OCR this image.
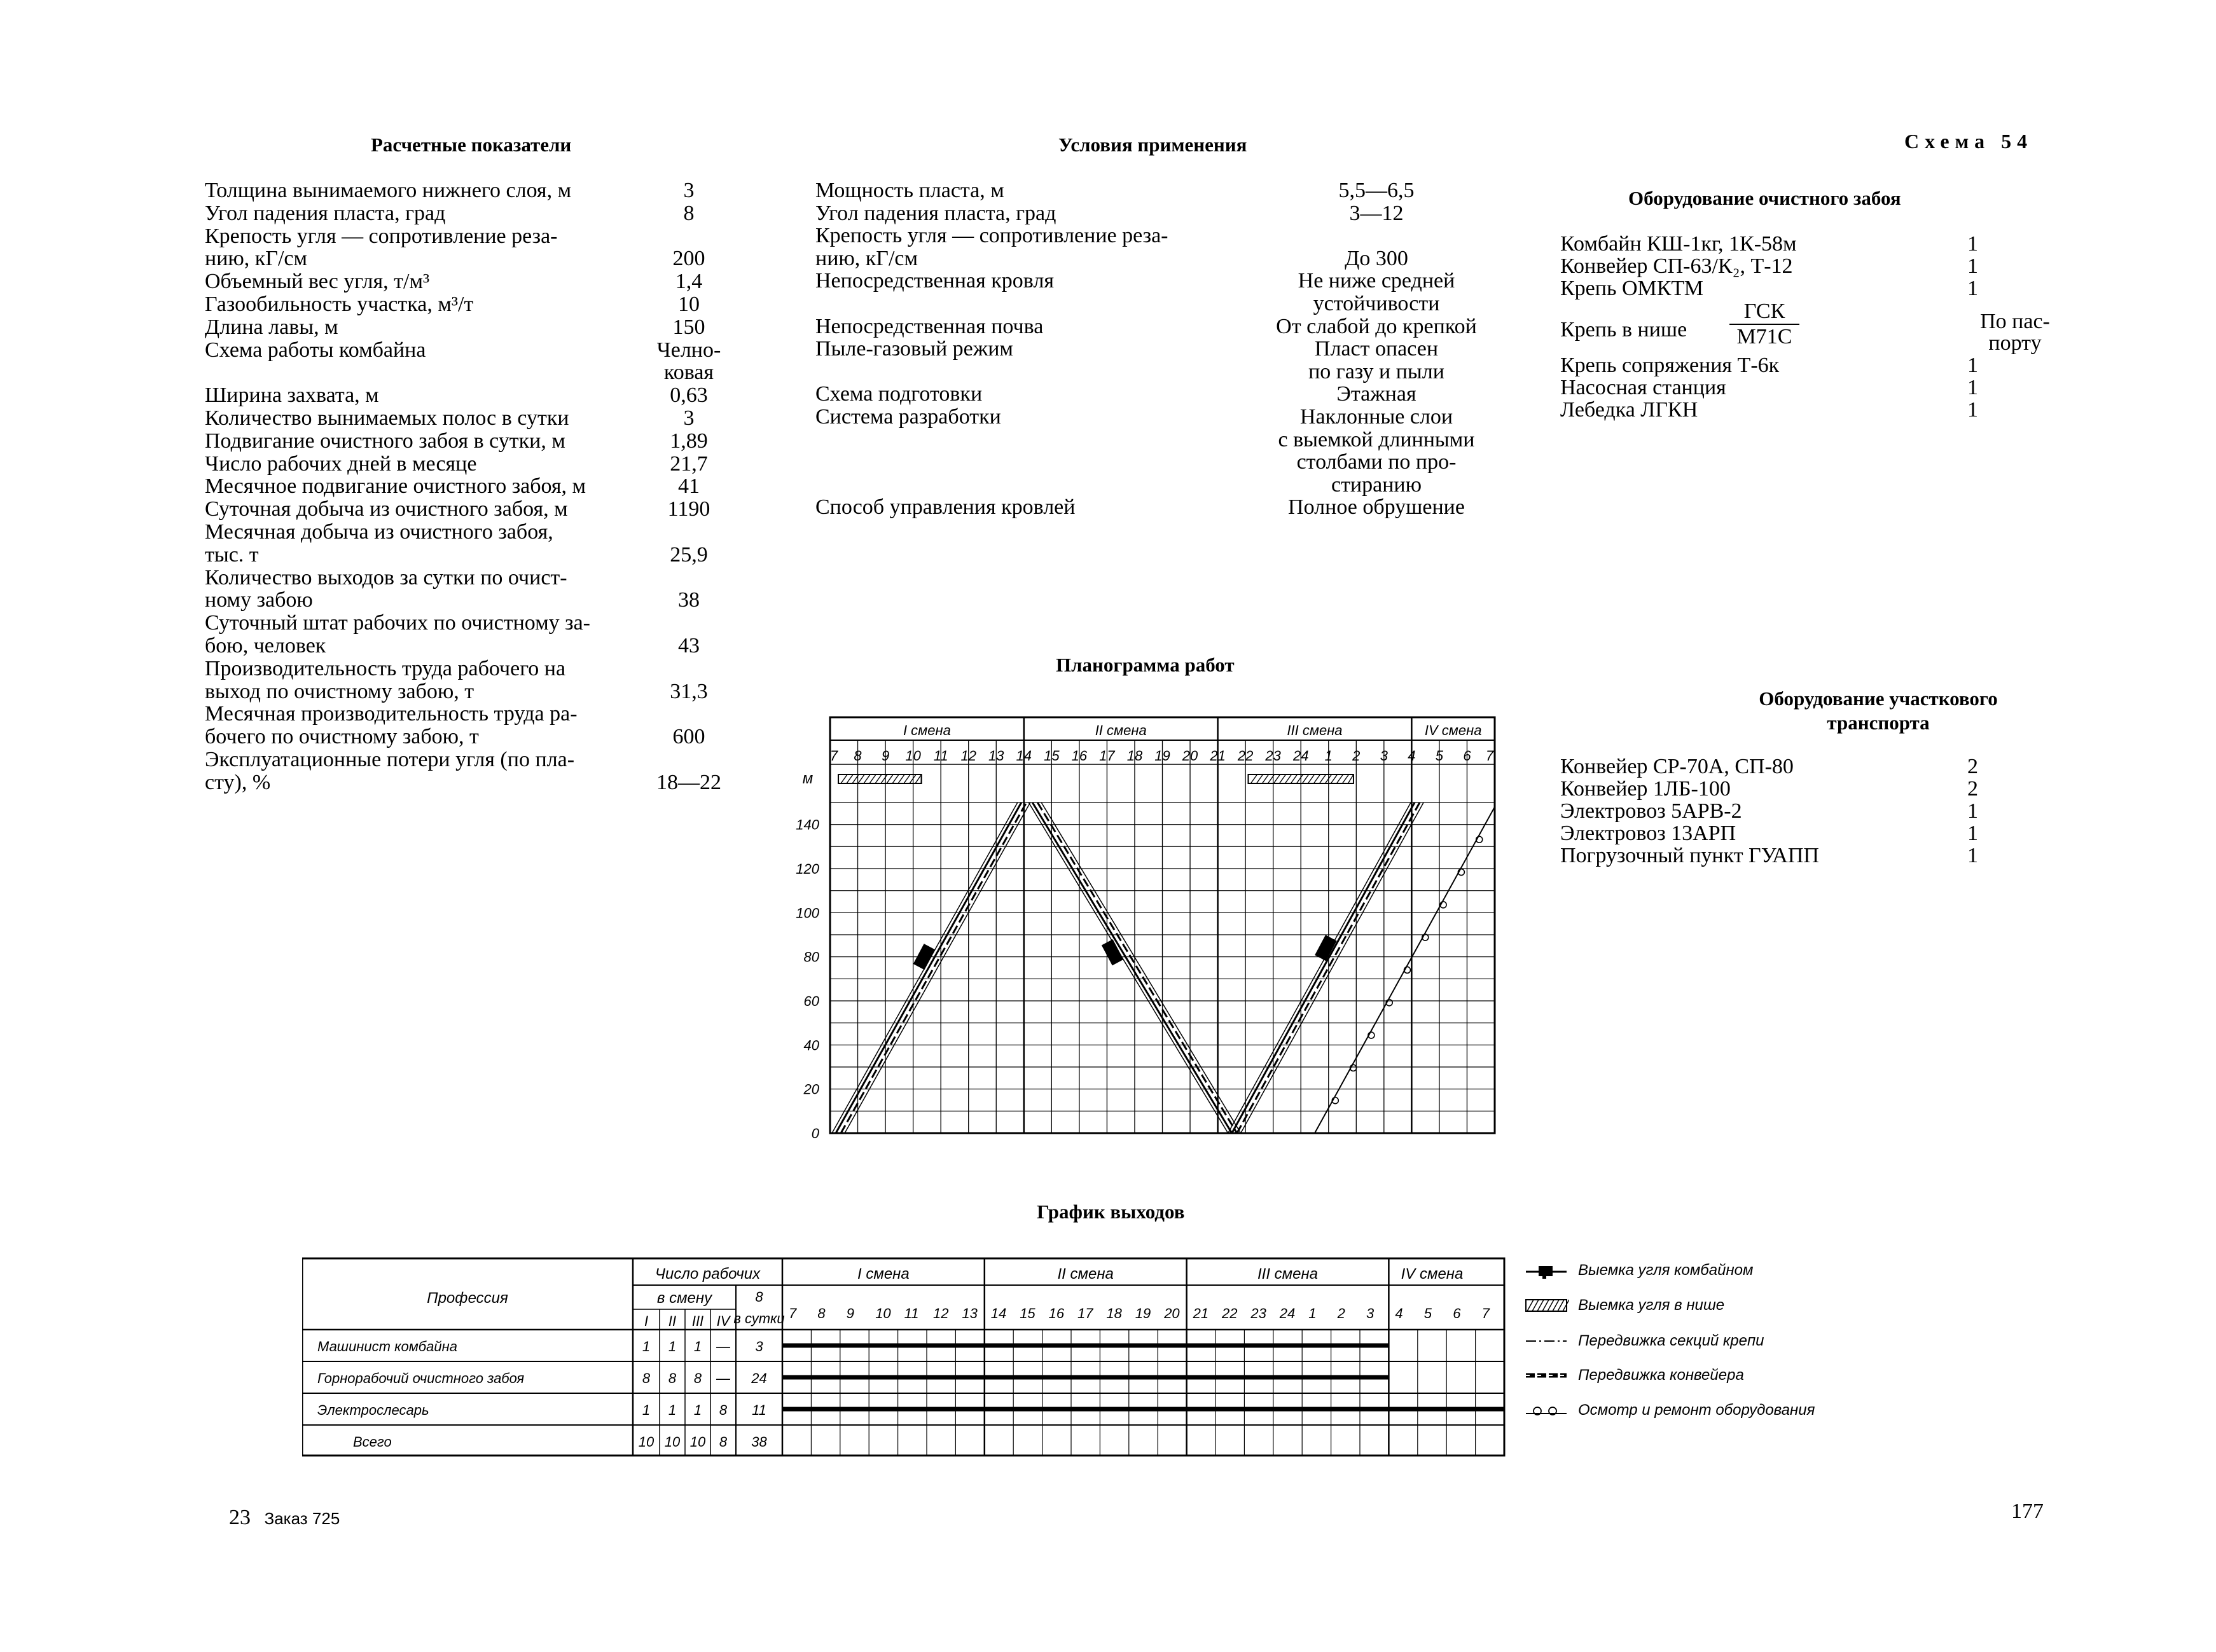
Расчетные показатели	Условия применения	Схема 54
Оборудование очистного забоя
Толщина вынимаемого нижнего слоя, м	3
Угол падения пласта, град	8
Крепость угля — сопротивление реза-
нию, кГ/см	200
Объемный вес угля, т/м³	1,4
Газообильность участка, м³/т	10
Длина лавы, м	150
Схема работы комбайна	Челно-
ковая
Ширина захвата, м	0,63
Количество вынимаемых полос в сутки	3
Подвигание очистного забоя в сутки, м	1,89
Число рабочих дней в месяце	21,7
Месячное подвигание очистного забоя, м	41
Суточная добыча из очистного забоя, м	1190
Месячная добыча из очистного забоя,
тыс. т	25,9
Количество выходов за сутки по очист-
ному забою	38
Суточный штат рабочих по очистному за-
бою, человек	43
Производительность труда рабочего на
выход по очистному забою, т	31,3
Месячная производительность труда ра-
бочего по очистному забою, т	600
Эксплуатационные потери угля (по пла-
сту), %	18—22
Мощность пласта, м	5,5—6,5
Угол падения пласта, град	3—12
Крепость угля — сопротивление реза-
нию, кГ/см	До 300
Непосредственная кровля	Не ниже средней
устойчивости
Непосредственная почва	От слабой до крепкой
Пыле-газовый режим	Пласт опасен
по газу и пыли
Схема подготовки	Этажная
Система разработки	Наклонные слои
с выемкой длинными
столбами по про-
стиранию
Способ управления кровлей	Полное обрушение
Комбайн КШ-1кг, 1К-58м	1
Конвейер СП-63/К₂, Т-12	1
Крепь ОМКТМ	1
Крепь в нише
ГСК
М71С
По пас-
порту
Крепь сопряжения Т-6к	1
Насосная станция	1
Лебедка ЛГКН	1
Оборудование участкового
транспорта
Конвейер СР-70А, СП-80	2
Конвейер 1ЛБ-100	2
Электровоз 5АРВ-2	1
Электровоз 13АРП	1
Погрузочный пункт ГУАПП	1
Планограмма работ
I смена	II смена	III смена	IV смена
7 8 9 10 11 12 13 14 15 16 17 18 19 20 21 22 23 24 1 2 3 4 5 6 7
м
140
120
100
80
60
40
20
0
График выходов
Профессия
Число рабочих
в смену	8
в сутки
I II III IV
Машинист комбайна	1 1 1 — 3
Горнорабочий очистного забоя	8 8 8 — 24
Электрослесарь	1 1 1 8 11
Всего	10 10 10 8 38
I смена	II смена	III смена	IV смена
7 8 9 10 11 12 13 14 15 16 17 18 19 20 21 22 23 24 1 2 3 4 5 6 7
Выемка угля комбайном
Выемка угля в нише
Передвижка секций крепи
Передвижка конвейера
Осмотр и ремонт оборудования
23 Заказ 725	177
